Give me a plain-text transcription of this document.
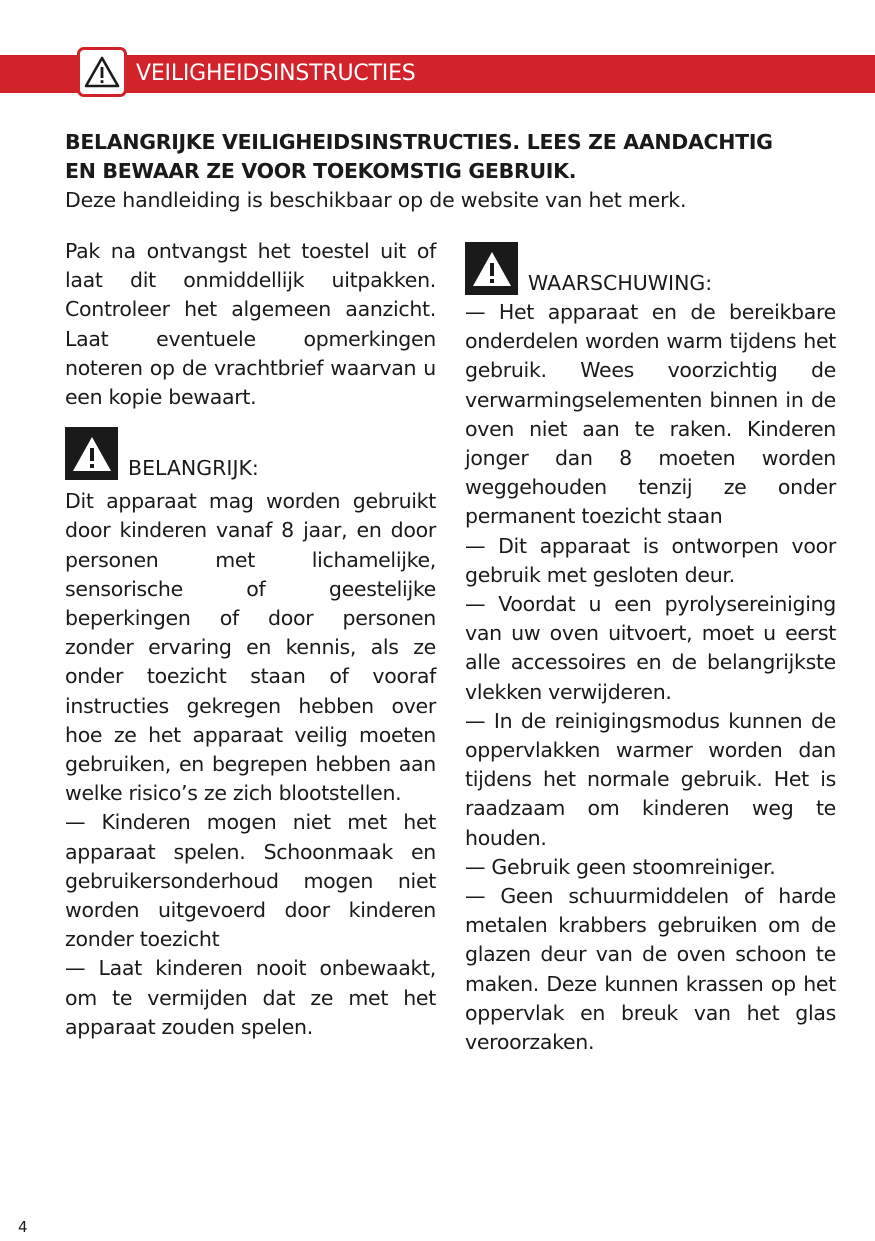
VEILIGHEIDSINSTRUCTIES

BELANGRIJKE VEILIGHEIDSINSTRUCTIES. LEES ZE AANDACHTIG

EN BEWAAR ZE VOOR TOEKOMSTIG GEBRUIK.

Deze handleiding is beschikbaar op de website van het merk.

Pak na ontvangst het toestel uit of laat dit onmiddellijk uitpakken. Controleer het algemeen aanzicht. Laat eventuele opmerkingen noteren op de vrachtbrief waarvan u een kopie bewaart.

BELANGRIJK:

Dit apparaat mag worden gebruikt door kinderen vanaf 8 jaar, en door personen met lichamelijke, sensorische of geestelijke beperkingen of door personen zonder ervaring en kennis, als ze onder toezicht staan of vooraf instructies gekregen hebben over hoe ze het apparaat veilig moeten gebruiken, en begrepen hebben aan welke risico’s ze zich blootstellen.

— Kinderen mogen niet met het apparaat spelen. Schoonmaak en gebruikersonderhoud mogen niet worden uitgevoerd door kinderen zonder toezicht

— Laat kinderen nooit onbewaakt, om te vermijden dat ze met het apparaat zouden spelen.

WAARSCHUWING:

— Het apparaat en de bereikbare onderdelen worden warm tijdens het gebruik. Wees voorzichtig de verwarmingselementen binnen in de oven niet aan te raken. Kinderen jonger dan 8 moeten worden weggehouden tenzij ze onder permanent toezicht staan

— Dit apparaat is ontworpen voor gebruik met gesloten deur.

— Voordat u een pyrolysereiniging van uw oven uitvoert, moet u eerst alle accessoires en de belangrijkste vlekken verwijderen.

— In de reinigingsmodus kunnen de oppervlakken warmer worden dan tijdens het normale gebruik. Het is raadzaam om kinderen weg te houden.

— Gebruik geen stoomreiniger.

— Geen schuurmiddelen of harde metalen krabbers gebruiken om de glazen deur van de oven schoon te maken. Deze kunnen krassen op het oppervlak en breuk van het glas veroorzaken.

4
